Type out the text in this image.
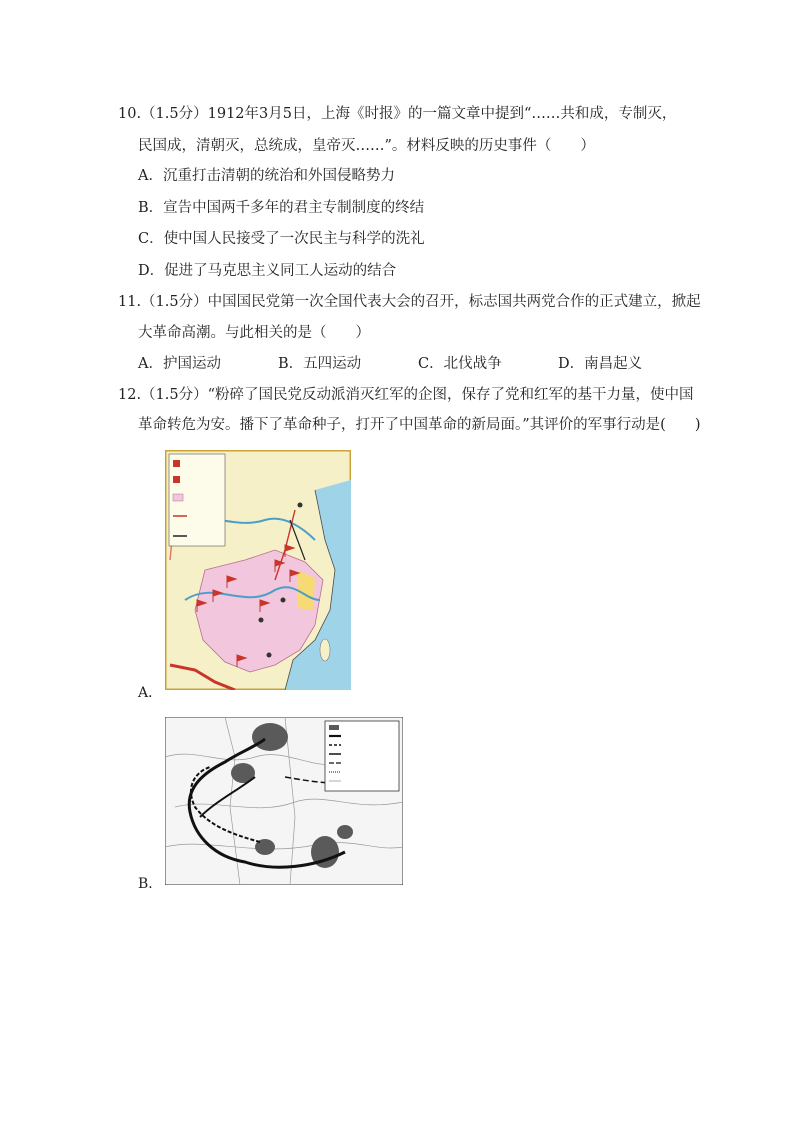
10.（1.5分）1912年3月5日，上海《时报》的一篇文章中提到“……共和成，专制灭，
民国成，清朝灭，总统成，皇帝灭……”。材料反映的历史事件（　　）
A．沉重打击清朝的统治和外国侵略势力
B．宣告中国两千多年的君主专制制度的终结
C．使中国人民接受了一次民主与科学的洗礼
D．促进了马克思主义同工人运动的结合
11.（1.5分）中国国民党第一次全国代表大会的召开，标志国共两党合作的正式建立，掀起
大革命高潮。与此相关的是（　　）
A．护国运动	B．五四运动	C．北伐战争	D．南昌起义
12.（1.5分）“粉碎了国民党反动派消灭红军的企图，保存了党和红军的基干力量，使中国
革命转危为安。播下了革命种子，打开了中国革命的新局面。”其评价的军事行动是(　　)
A．
B．
